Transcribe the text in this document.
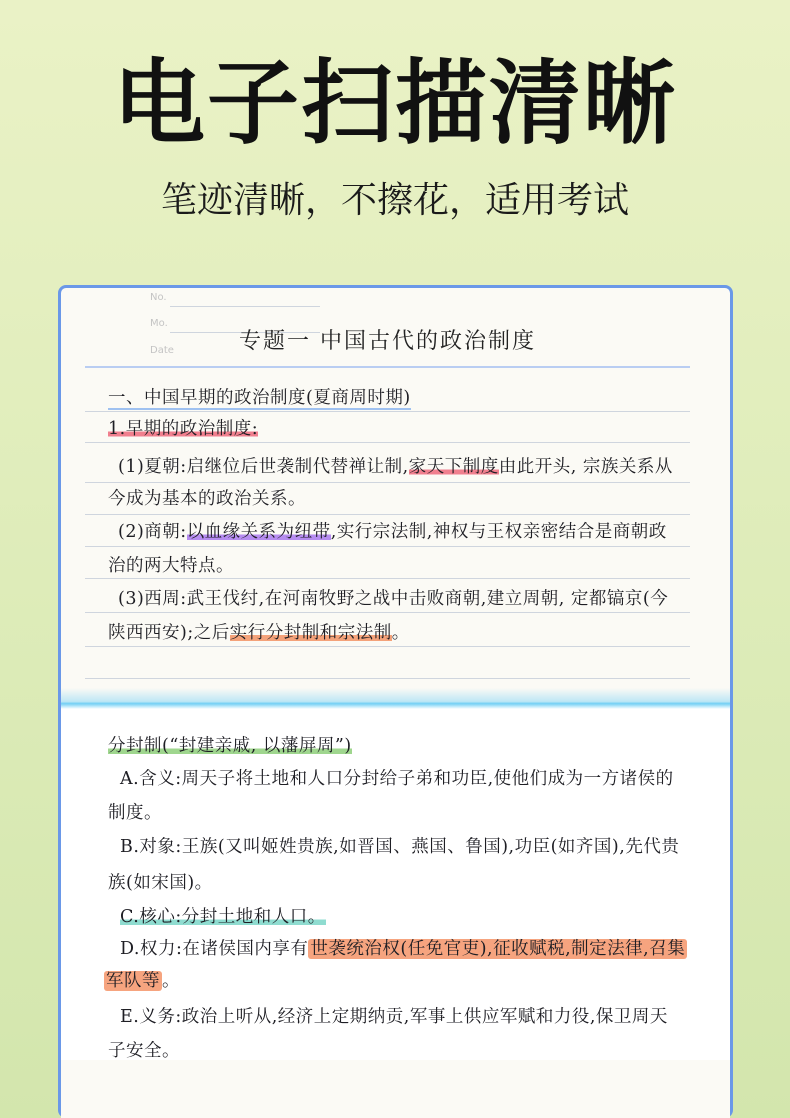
电子扫描清晰
笔迹清晰，不擦花，适用考试
No.
Mo.
Date	专题一 中国古代的政治制度
一、中国早期的政治制度(夏商周时期)
1.早期的政治制度:
(1)夏朝:启继位后世袭制代替禅让制,家天下制度由此开头, 宗族关系从
今成为基本的政治关系。
(2)商朝:以血缘关系为纽带,实行宗法制,神权与王权亲密结合是商朝政
治的两大特点。
(3)西周:武王伐纣,在河南牧野之战中击败商朝,建立周朝, 定都镐京(今
陕西西安);之后实行分封制和宗法制。
分封制(“封建亲戚, 以藩屏周”)
A.含义:周天子将土地和人口分封给子弟和功臣,使他们成为一方诸侯的
制度。
B.对象:王族(又叫姬姓贵族,如晋国、燕国、鲁国),功臣(如齐国),先代贵
族(如宋国)。
C.核心:分封土地和人口。
D.权力:在诸侯国内享有 世袭统治权(任免官吏),征收赋税,制定法律,召集
军队等 。
E.义务:政治上听从,经济上定期纳贡,军事上供应军赋和力役,保卫周天
子安全。
